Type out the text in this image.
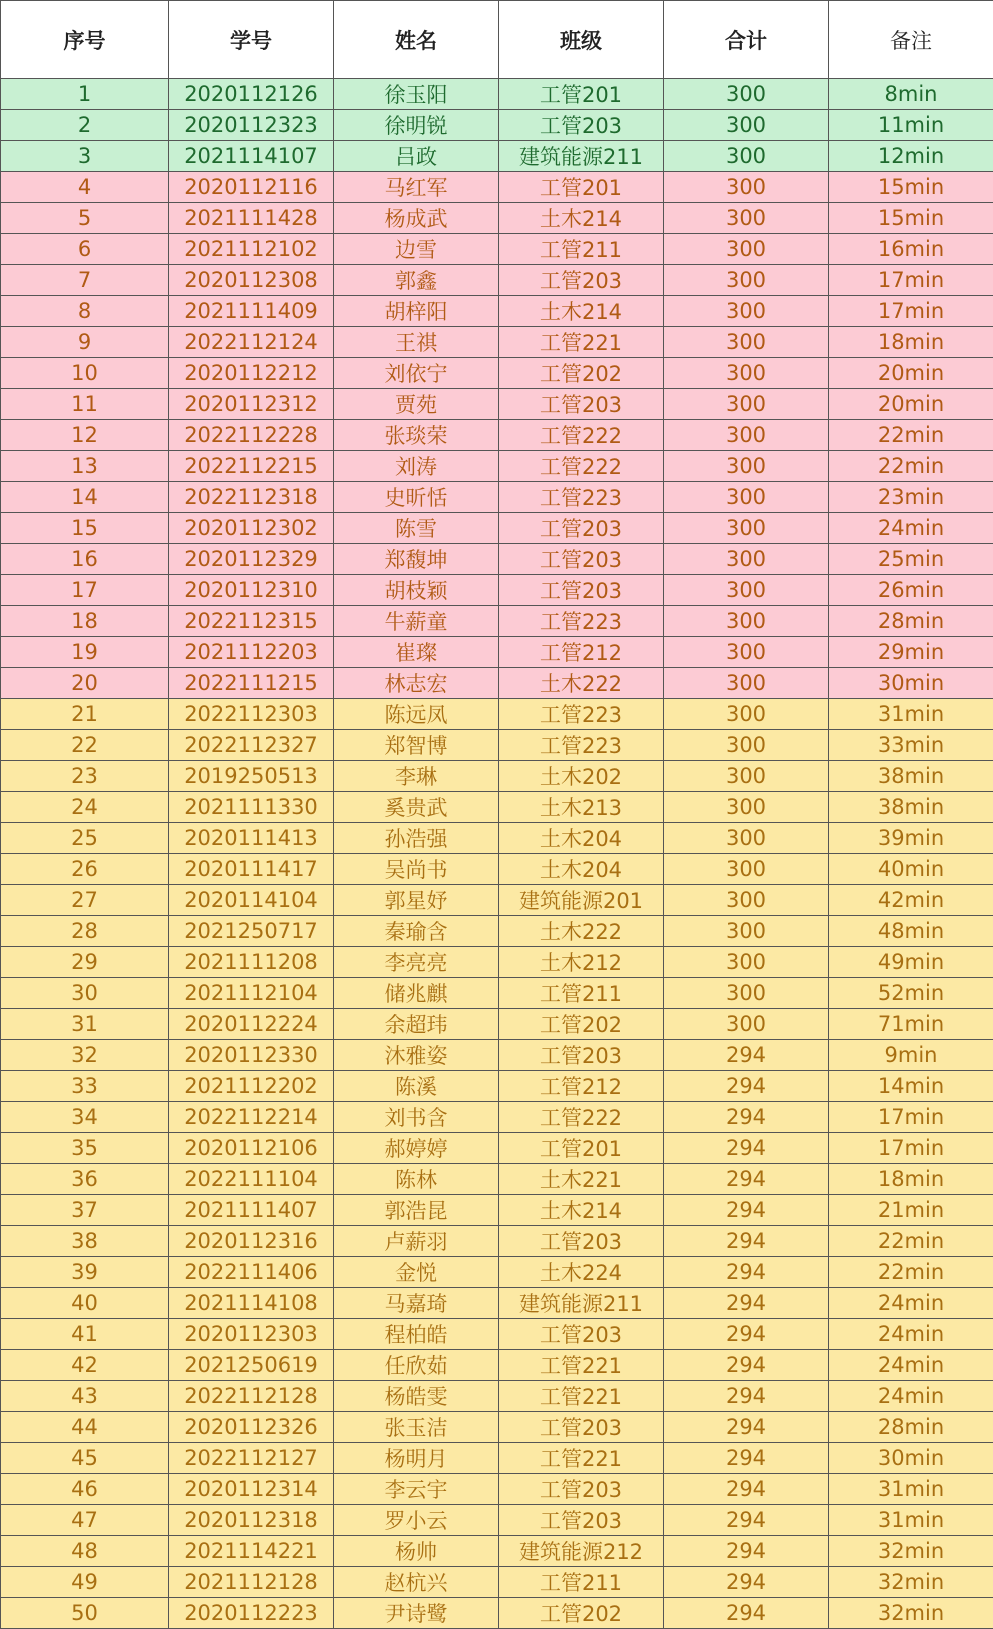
序号	学号	姓名	班级	合计	备注
1	2020112126	徐玉阳	工管201	300	8min
2	2020112323	徐明锐	工管203	300	11min
3	2021114107	吕政	建筑能源211	300	12min
4	2020112116	马红军	工管201	300	15min
5	2021111428	杨成武	土木214	300	15min
6	2021112102	边雪	工管211	300	16min
7	2020112308	郭鑫	工管203	300	17min
8	2021111409	胡梓阳	土木214	300	17min
9	2022112124	王祺	工管221	300	18min
10	2020112212	刘依宁	工管202	300	20min
11	2020112312	贾苑	工管203	300	20min
12	2022112228	张琰荣	工管222	300	22min
13	2022112215	刘涛	工管222	300	22min
14	2022112318	史昕恬	工管223	300	23min
15	2020112302	陈雪	工管203	300	24min
16	2020112329	郑馥坤	工管203	300	25min
17	2020112310	胡枝颖	工管203	300	26min
18	2022112315	牛薪童	工管223	300	28min
19	2021112203	崔璨	工管212	300	29min
20	2022111215	林志宏	土木222	300	30min
21	2022112303	陈远凤	工管223	300	31min
22	2022112327	郑智博	工管223	300	33min
23	2019250513	李琳	土木202	300	38min
24	2021111330	奚贵武	土木213	300	38min
25	2020111413	孙浩强	土木204	300	39min
26	2020111417	吴尚书	土木204	300	40min
27	2020114104	郭星妤	建筑能源201	300	42min
28	2021250717	秦瑜含	土木222	300	48min
29	2021111208	李亮亮	土木212	300	49min
30	2021112104	储兆麒	工管211	300	52min
31	2020112224	余超玮	工管202	300	71min
32	2020112330	沐雅姿	工管203	294	9min
33	2021112202	陈溪	工管212	294	14min
34	2022112214	刘书含	工管222	294	17min
35	2020112106	郝婷婷	工管201	294	17min
36	2022111104	陈林	土木221	294	18min
37	2021111407	郭浩昆	土木214	294	21min
38	2020112316	卢薪羽	工管203	294	22min
39	2022111406	金悦	土木224	294	22min
40	2021114108	马嘉琦	建筑能源211	294	24min
41	2020112303	程柏皓	工管203	294	24min
42	2021250619	任欣茹	工管221	294	24min
43	2022112128	杨皓雯	工管221	294	24min
44	2020112326	张玉洁	工管203	294	28min
45	2022112127	杨明月	工管221	294	30min
46	2020112314	李云宇	工管203	294	31min
47	2020112318	罗小云	工管203	294	31min
48	2021114221	杨帅	建筑能源212	294	32min
49	2021112128	赵杭兴	工管211	294	32min
50	2020112223	尹诗鹭	工管202	294	32min
